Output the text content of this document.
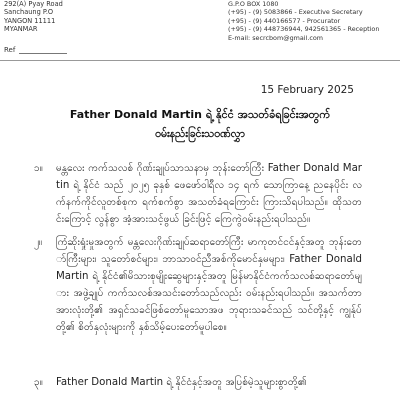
292(A) Pyay Road
Sanchaung P.O
YANGON 11111
MYANMAR
G.P.O BOX 1080
(+95) - (9) 5083866 - Executive Secretary
(+95) - (9) 440166577 - Procurator
(+95) - (9) 448736944, 942561365 - Reception
E-mail: secrcbom@gmail.com
Ref
15 February 2025
Father Donald Martin ရဲ့ နိုင်ငံ အသတ်ခံရခြင်းအတွက်
ဝမ်းနည်းခြင်းသဝဏ်လွှာ
၁။ မန္တလေး ကက်သလစ် ဂိုဏ်းချုပ်သာသနာမှ ဘုန်းတော်ကြီး Father Donald Martin ရဲ့ နိုင်ငံ သည် ၂၀၂၅ ခုနှစ် ဖေဖော်ဝါရီလ ၁၄ ရက် သောကြာနေ့ ညနေပိုင်း လက်နက်ကိုင်လူတစ်စုက ရက်စက်စွာ အသတ်ခံရကြောင်း ကြားသိရပါသည်။ ထိုသတင်းကြောင့် လွန်စွာ အံ့အားသင့်ဖွယ် ခြင်းဖြင့် ကြေကွဲဝမ်းနည်းရပါသည်။
၂။ ကြံဆိုးရှုံးမှုအတွက် မန္တလေးဂိုဏ်းချုပ်ဆရာတော်ကြီး မာကုတင်ငင်နှင့်အတူ ဘုန်းတော်ကြီးများ၊ သူတော်စင်များ၊ ဘာသာဝင်ညီအစ်ကိုမောင်နှမများ၊ Father Donald Martin ရဲ့ နိုင်ငံ၏မိသားစုမျိုးဆွေများနှင့်အတူ မြန်မာနိုင်ငံကက်သလစ်ဆရာတော်များ အဖွဲ့ချုပ် ကက်သလစ်အသင်းတော်သည်လည်း ဝမ်းနည်းရပါသည်။ အသက်တာ အားလုံးတို့၏ အရှင်သခင်ဖြစ်တော်မူသောအဖ ဘုရားသခင်သည် သင်တို့နှင့် ကျွန်ုပ်တို့၏ စိတ်နှလုံးများကို နှစ်သိမ့်ပေးတော်မူပါစေ။
၃။ Father Donald Martin ရဲ့ နိုင်ငံနှင့်အတူ အပြစ်မဲ့သူများစွာတို့၏
